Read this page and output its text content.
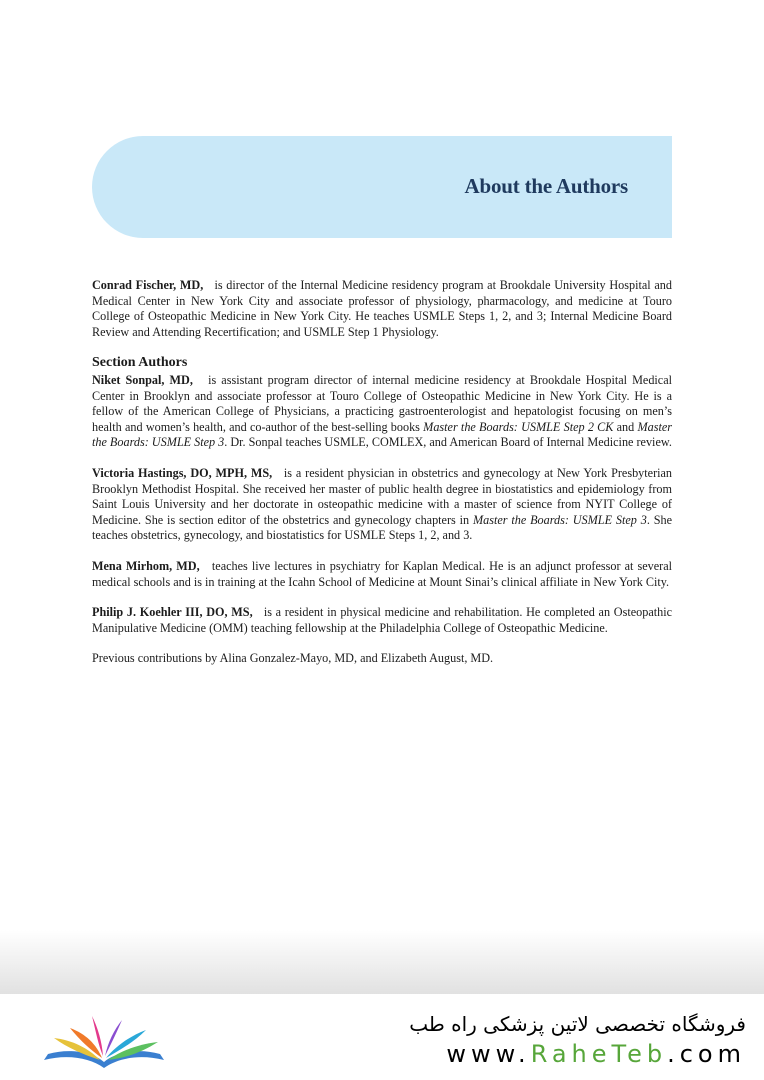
About the Authors

Conrad Fischer, MD, is director of the Internal Medicine residency program at Brookdale University Hospital and Medical Center in New York City and associate professor of physiology, pharmacology, and medicine at Touro College of Osteopathic Medicine in New York City. He teaches USMLE Steps 1, 2, and 3; Internal Medicine Board Review and Attending Recertification; and USMLE Step 1 Physiology.

Section Authors

Niket Sonpal, MD, is assistant program director of internal medicine residency at Brookdale Hospital Medical Center in Brooklyn and associate professor at Touro College of Osteopathic Medicine in New York City. He is a fellow of the American College of Physicians, a practicing gastroenterologist and hepatologist focusing on men’s health and women’s health, and co-author of the best-selling books Master the Boards: USMLE Step 2 CK and Master the Boards: USMLE Step 3. Dr. Sonpal teaches USMLE, COMLEX, and American Board of Internal Medicine review.

Victoria Hastings, DO, MPH, MS, is a resident physician in obstetrics and gynecology at New York Presbyterian Brooklyn Methodist Hospital. She received her master of public health degree in biostatistics and epidemiology from Saint Louis University and her doctorate in osteopathic medicine with a master of science from NYIT College of Medicine. She is section editor of the obstetrics and gynecology chapters in Master the Boards: USMLE Step 3. She teaches obstetrics, gynecology, and biostatistics for USMLE Steps 1, 2, and 3.

Mena Mirhom, MD, teaches live lectures in psychiatry for Kaplan Medical. He is an adjunct professor at several medical schools and is in training at the Icahn School of Medicine at Mount Sinai’s clinical affiliate in New York City.

Philip J. Koehler III, DO, MS, is a resident in physical medicine and rehabilitation. He completed an Osteopathic Manipulative Medicine (OMM) teaching fellowship at the Philadelphia College of Osteopathic Medicine.

Previous contributions by Alina Gonzalez-Mayo, MD, and Elizabeth August, MD.

فروشگاه تخصصی لاتین پزشکی راه طب
www.RaheTeb.com
